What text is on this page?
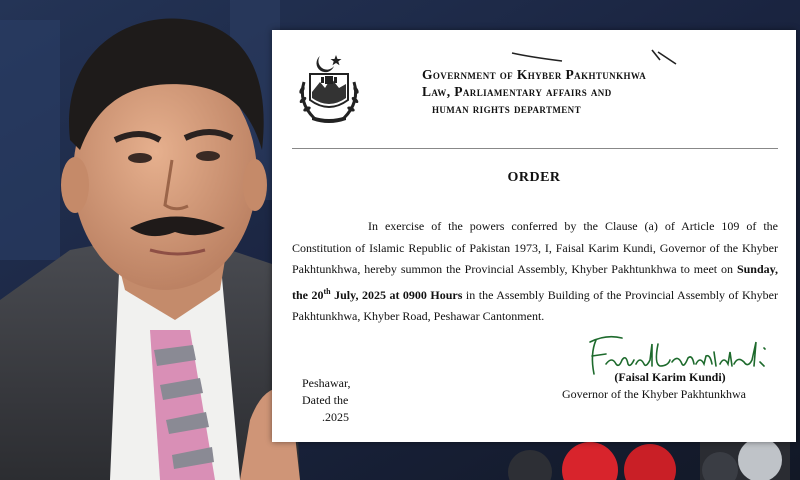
Government of Khyber Pakhtunkhwa
Law, Parliamentary affairs and
human rights department
ORDER
In exercise of the powers conferred by the Clause (a) of Article 109 of the Constitution of Islamic Republic of Pakistan 1973, I, Faisal Karim Kundi, Governor of the Khyber Pakhtunkhwa, hereby summon the Provincial Assembly, Khyber Pakhtunkhwa to meet on Sunday, the 20th July, 2025 at 0900 Hours in the Assembly Building of the Provincial Assembly of Khyber Pakhtunkhwa, Khyber Road, Peshawar Cantonment.
(Faisal Karim Kundi)
Governor of the Khyber Pakhtunkhwa
Peshawar,
Dated the
.2025
